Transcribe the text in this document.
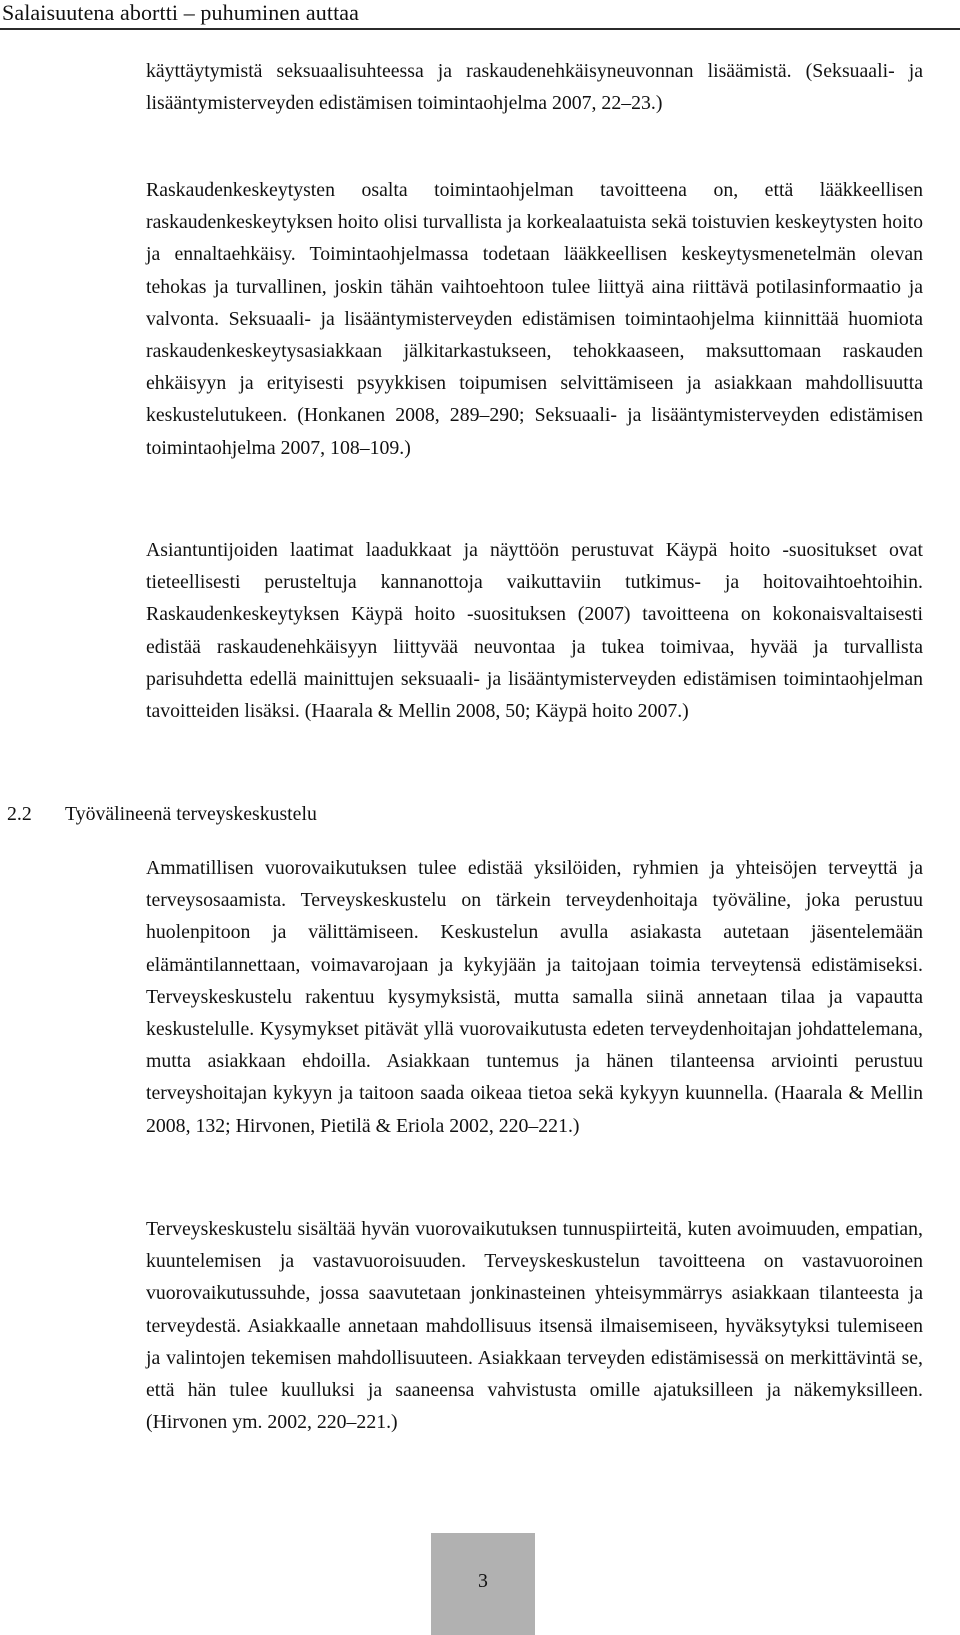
Salaisuutena abortti – puhuminen auttaa

käyttäytymistä seksuaalisuhteessa ja raskaudenehkäisyneuvonnan lisäämistä. (Seksuaali- ja lisääntymisterveyden edistämisen toimintaohjelma 2007, 22–23.)

Raskaudenkeskeytysten osalta toimintaohjelman tavoitteena on, että lääkkeellisen raskaudenkeskeytyksen hoito olisi turvallista ja korkealaatuista sekä toistuvien keskeytysten hoito ja ennaltaehkäisy. Toimintaohjelmassa todetaan lääkkeellisen keskeytysmenetelmän olevan tehokas ja turvallinen, joskin tähän vaihtoehtoon tulee liittyä aina riittävä potilasinformaatio ja valvonta. Seksuaali- ja lisääntymisterveyden edistämisen toimintaohjelma kiinnittää huomiota raskaudenkeskeytysasiakkaan jälkitarkastukseen, tehokkaaseen, maksuttomaan raskauden ehkäisyyn ja erityisesti psyykkisen toipumisen selvittämiseen ja asiakkaan mahdollisuutta keskustelutukeen. (Honkanen 2008, 289–290; Seksuaali- ja lisääntymisterveyden edistämisen toimintaohjelma 2007, 108–109.)

Asiantuntijoiden laatimat laadukkaat ja näyttöön perustuvat Käypä hoito -suositukset ovat tieteellisesti perusteltuja kannanottoja vaikuttaviin tutkimus- ja hoitovaihtoehtoihin. Raskaudenkeskeytyksen Käypä hoito -suosituksen (2007) tavoitteena on kokonaisvaltaisesti edistää raskaudenehkäisyyn liittyvää neuvontaa ja tukea toimivaa, hyvää ja turvallista parisuhdetta edellä mainittujen seksuaali- ja lisääntymisterveyden edistämisen toimintaohjelman tavoitteiden lisäksi. (Haarala & Mellin 2008, 50; Käypä hoito 2007.)

2.2 Työvälineenä terveyskeskustelu

Ammatillisen vuorovaikutuksen tulee edistää yksilöiden, ryhmien ja yhteisöjen terveyttä ja terveysosaamista. Terveyskeskustelu on tärkein terveydenhoitaja työväline, joka perustuu huolenpitoon ja välittämiseen. Keskustelun avulla asiakasta autetaan jäsentelemään elämäntilannettaan, voimavarojaan ja kykyjään ja taitojaan toimia terveytensä edistämiseksi. Terveyskeskustelu rakentuu kysymyksistä, mutta samalla siinä annetaan tilaa ja vapautta keskustelulle. Kysymykset pitävät yllä vuorovaikutusta edeten terveydenhoitajan johdattelemana, mutta asiakkaan ehdoilla. Asiakkaan tuntemus ja hänen tilanteensa arviointi perustuu terveyshoitajan kykyyn ja taitoon saada oikeaa tietoa sekä kykyyn kuunnella. (Haarala & Mellin 2008, 132; Hirvonen, Pietilä & Eriola 2002, 220–221.)

Terveyskeskustelu sisältää hyvän vuorovaikutuksen tunnuspiirteitä, kuten avoimuuden, empatian, kuuntelemisen ja vastavuoroisuuden. Terveyskeskustelun tavoitteena on vastavuoroinen vuorovaikutussuhde, jossa saavutetaan jonkinasteinen yhteisymmärrys asiakkaan tilanteesta ja terveydestä. Asiakkaalle annetaan mahdollisuus itsensä ilmaisemiseen, hyväksytyksi tulemiseen ja valintojen tekemisen mahdollisuuteen. Asiakkaan terveyden edistämisessä on merkittävintä se, että hän tulee kuulluksi ja saaneensa vahvistusta omille ajatuksilleen ja näkemyksilleen. (Hirvonen ym. 2002, 220–221.)

3
